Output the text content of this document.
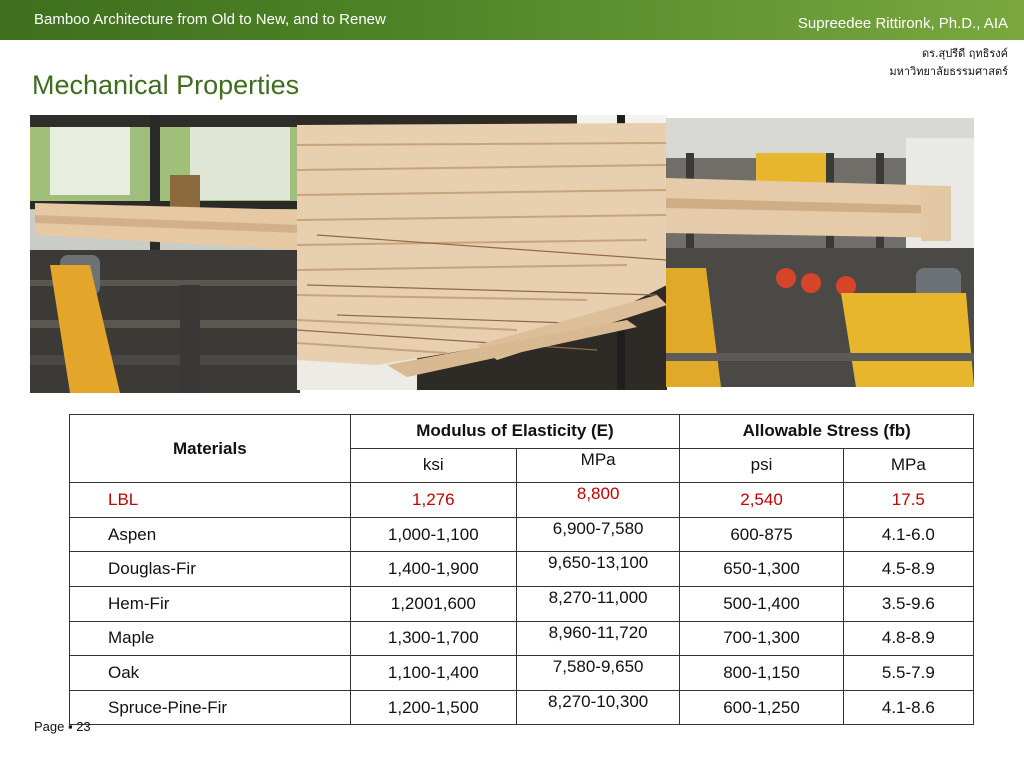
Bamboo Architecture from Old to New, and to Renew	Supreedee Rittironk, Ph.D., AIA
ดร.สุปรีดี ฤทธิรงค์
มหาวิทยาลัยธรรมศาสตร์
Mechanical Properties
Materials	Modulus of Elasticity (E)		Allowable Stress (fb)	
	ksi	MPa	psi	MPa
LBL	1,276	8,800	2,540	17.5
Aspen	1,000-1,100	6,900-7,580	600-875	4.1-6.0
Douglas-Fir	1,400-1,900	9,650-13,100	650-1,300	4.5-8.9
Hem-Fir	1,2001,600	8,270-11,000	500-1,400	3.5-9.6
Maple	1,300-1,700	8,960-11,720	700-1,300	4.8-8.9
Oak	1,100-1,400	7,580-9,650	800-1,150	5.5-7.9
Spruce-Pine-Fir	1,200-1,500	8,270-10,300	600-1,250	4.1-8.6
Page ▪ 23
